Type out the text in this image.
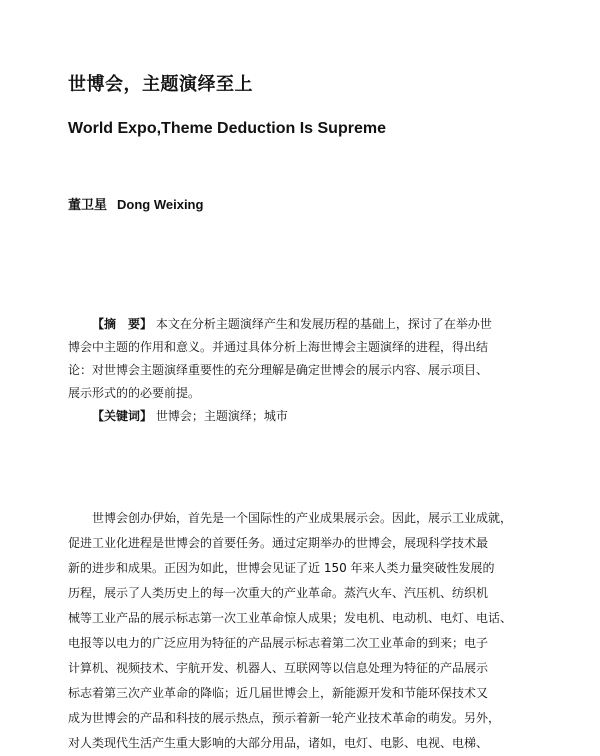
世博会，主题演绎至上
World Expo,Theme Deduction Is Supreme

董卫星 Dong Weixing

【摘　要】 本文在分析主题演绎产生和发展历程的基础上，探讨了在举办世
博会中主题的作用和意义。并通过具体分析上海世博会主题演绎的进程，得出结
论：对世博会主题演绎重要性的充分理解是确定世博会的展示内容、展示项目、
展示形式的的必要前提。
【关键词】 世博会；主题演绎；城市
世博会创办伊始，首先是一个国际性的产业成果展示会。因此，展示工业成就，
促进工业化进程是世博会的首要任务。通过定期举办的世博会，展现科学技术最
新的进步和成果。正因为如此，世博会见证了近 150 年来人类力量突破性发展的
历程，展示了人类历史上的每一次重大的产业革命。蒸汽火车、汽压机、纺织机
械等工业产品的展示标志第一次工业革命惊人成果；发电机、电动机、电灯、电话、
电报等以电力的广泛应用为特征的产品展示标志着第二次工业革命的到来；电子
计算机、视频技术、宇航开发、机器人、互联网等以信息处理为特征的产品展示
标志着第三次产业革命的降临；近几届世博会上，新能源开发和节能环保技术又
成为世博会的产品和科技的展示热点，预示着新一轮产业技术革命的萌发。另外，
对人类现代生活产生重大影响的大部分用品，诸如，电灯、电影、电视、电梯、
